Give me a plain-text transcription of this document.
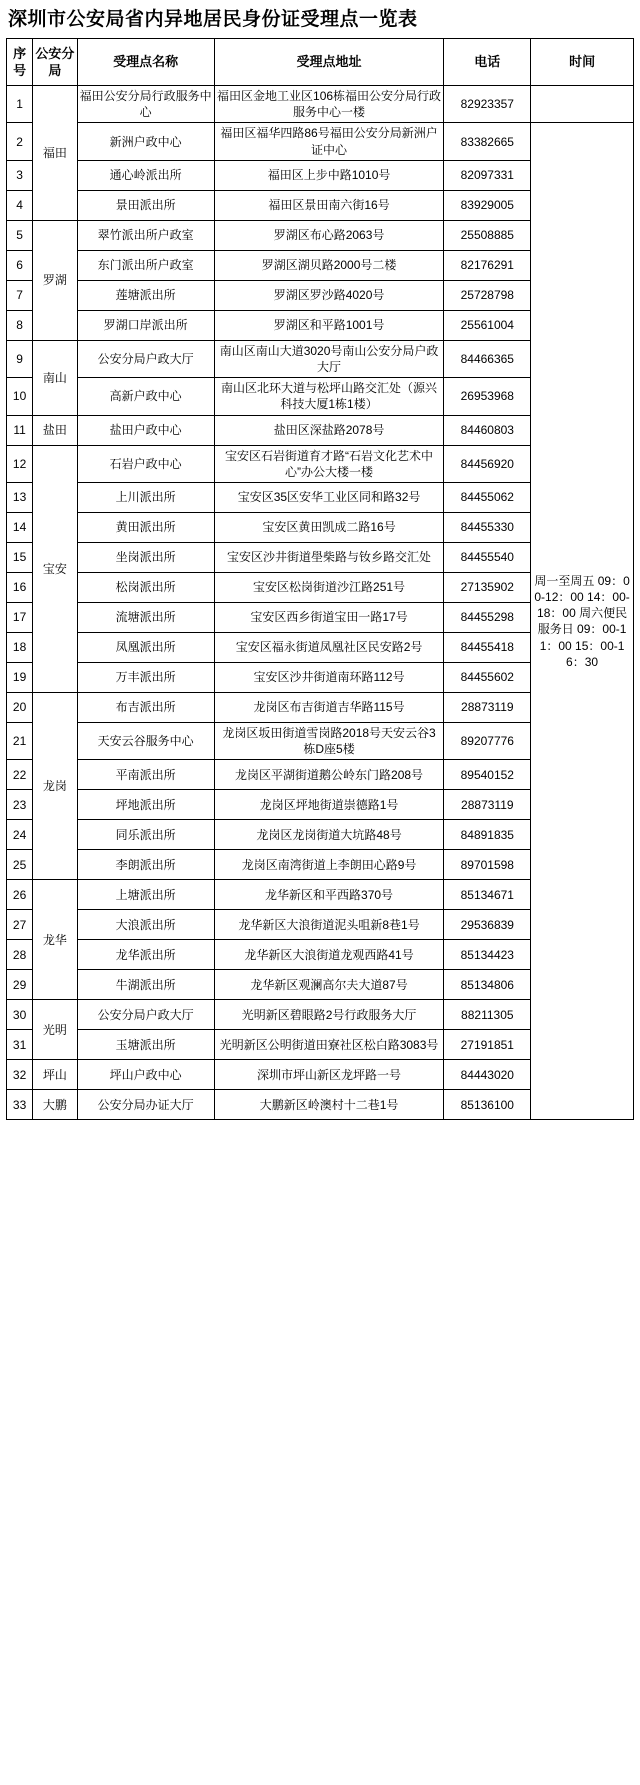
深圳市公安局省内异地居民身份证受理点一览表
序号	公安分局	受理点名称	受理点地址	电话	时间
1	福田	福田公安分局行政服务中心	福田区金地工业区106栋福田公安分局行政服务中心一楼	82923357	
2		新洲户政中心	福田区福华四路86号福田公安分局新洲户证中心	83382665	周一至周五 09：00-12：00 14：00-18：00 周六便民服务日 09：00-11：00 15：00-16：30
3		通心岭派出所	福田区上步中路1010号	82097331	
4		景田派出所	福田区景田南六街16号	83929005	
5	罗湖	翠竹派出所户政室	罗湖区布心路2063号	25508885	
6		东门派出所户政室	罗湖区湖贝路2000号二楼	82176291	
7		莲塘派出所	罗湖区罗沙路4020号	25728798	
8		罗湖口岸派出所	罗湖区和平路1001号	25561004	
9	南山	公安分局户政大厅	南山区南山大道3020号南山公安分局户政大厅	84466365	
10		高新户政中心	南山区北环大道与松坪山路交汇处（源兴科技大厦1栋1楼）	26953968	
11	盐田	盐田户政中心	盐田区深盐路2078号	84460803	
12	宝安	石岩户政中心	宝安区石岩街道育才路“石岩文化艺术中心”办公大楼一楼	84456920	
13		上川派出所	宝安区35区安华工业区同和路32号	84455062	
14		黄田派出所	宝安区黄田凯成二路16号	84455330	
15		坐岗派出所	宝安区沙井街道壆柴路与钕乡路交汇处	84455540	
16		松岗派出所	宝安区松岗街道沙江路251号	27135902	
17		流塘派出所	宝安区西乡街道宝田一路17号	84455298	
18		凤凰派出所	宝安区福永街道凤凰社区民安路2号	84455418	
19		万丰派出所	宝安区沙井街道南环路112号	84455602	
20	龙岗	布吉派出所	龙岗区布吉街道吉华路115号	28873119	
21		天安云谷服务中心	龙岗区坂田街道雪岗路2018号天安云谷3栋D座5楼	89207776	
22		平南派出所	龙岗区平湖街道鹅公岭东门路208号	89540152	
23		坪地派出所	龙岗区坪地街道崇德路1号	28873119	
24		同乐派出所	龙岗区龙岗街道大坑路48号	84891835	
25		李朗派出所	龙岗区南湾街道上李朗田心路9号	89701598	
26	龙华	上塘派出所	龙华新区和平西路370号	85134671	
27		大浪派出所	龙华新区大浪街道泥头咀新8巷1号	29536839	
28		龙华派出所	龙华新区大浪街道龙观西路41号	85134423	
29		牛湖派出所	龙华新区观澜高尔夫大道87号	85134806	
30	光明	公安分局户政大厅	光明新区碧眼路2号行政服务大厅	88211305	
31		玉塘派出所	光明新区公明街道田寮社区松白路3083号	27191851	
32	坪山	坪山户政中心	深圳市坪山新区龙坪路一号	84443020	
33	大鹏	公安分局办证大厅	大鹏新区岭澳村十二巷1号	85136100	
